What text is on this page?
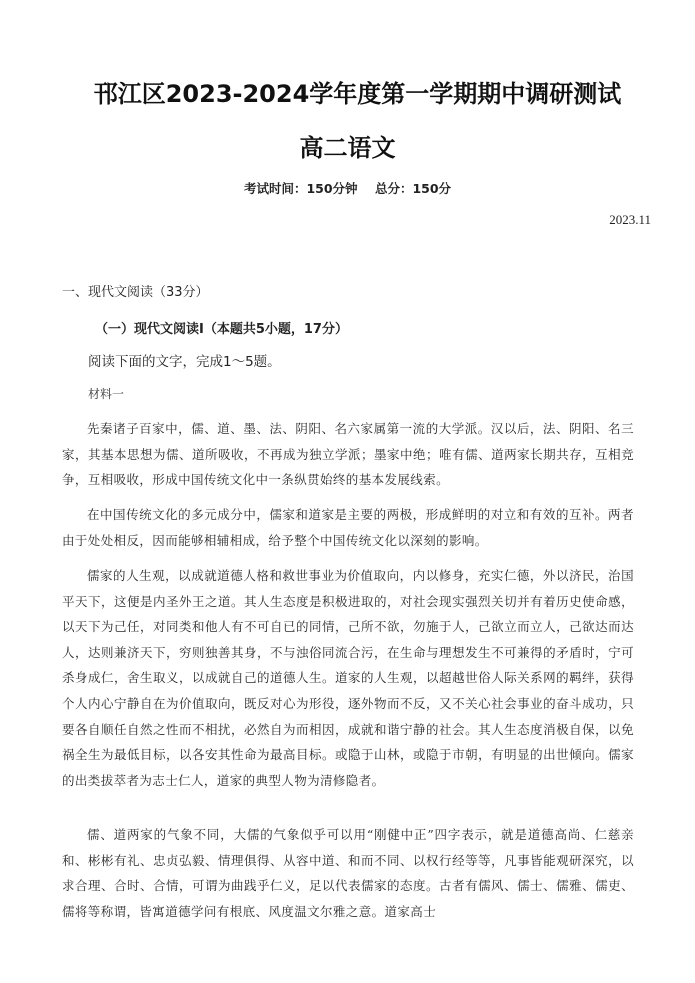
邗江区2023-2024学年度第一学期期中调研测试
高二语文
考试时间：150分钟    总分：150分
2023.11
一、现代文阅读（33分）
（一）现代文阅读Ⅰ（本题共5小题，17分）
阅读下面的文字，完成1～5题。
材料一

先秦诸子百家中，儒、道、墨、法、阴阳、名六家属第一流的大学派。汉以后，法、阴阳、名三家，其基本思想为儒、道所吸收，不再成为独立学派；墨家中绝；唯有儒、道两家长期共存，互相竞争，互相吸收，形成中国传统文化中一条纵贯始终的基本发展线索。

在中国传统文化的多元成分中，儒家和道家是主要的两极，形成鲜明的对立和有效的互补。两者由于处处相反，因而能够相辅相成，给予整个中国传统文化以深刻的影响。

儒家的人生观，以成就道德人格和救世事业为价值取向，内以修身，充实仁德，外以济民，治国平天下，这便是内圣外王之道。其人生态度是积极进取的，对社会现实强烈关切并有着历史使命感，以天下为己任，对同类和他人有不可自已的同情，己所不欲，勿施于人，己欲立而立人，己欲达而达人，达则兼济天下，穷则独善其身，不与浊俗同流合污，在生命与理想发生不可兼得的矛盾时，宁可杀身成仁，舍生取义，以成就自己的道德人生。道家的人生观，以超越世俗人际关系网的羁绊，获得个人内心宁静自在为价值取向，既反对心为形役，逐外物而不反，又不关心社会事业的奋斗成功，只要各自顺任自然之性而不相扰，必然自为而相因，成就和谐宁静的社会。其人生态度消极自保，以免祸全生为最低目标，以各安其性命为最高目标。或隐于山林，或隐于市朝，有明显的出世倾向。儒家的出类拔萃者为志士仁人，道家的典型人物为清修隐者。

儒、道两家的气象不同，大儒的气象似乎可以用“刚健中正”四字表示，就是道德高尚、仁慈亲和、彬彬有礼、忠贞弘毅、情理俱得、从容中道、和而不同、以权行经等等，凡事皆能观研深究，以求合理、合时、合情，可谓为曲践乎仁义，足以代表儒家的态度。古者有儒风、儒士、儒雅、儒吏、儒将等称谓，皆寓道德学问有根底、风度温文尔雅之意。道家高士
